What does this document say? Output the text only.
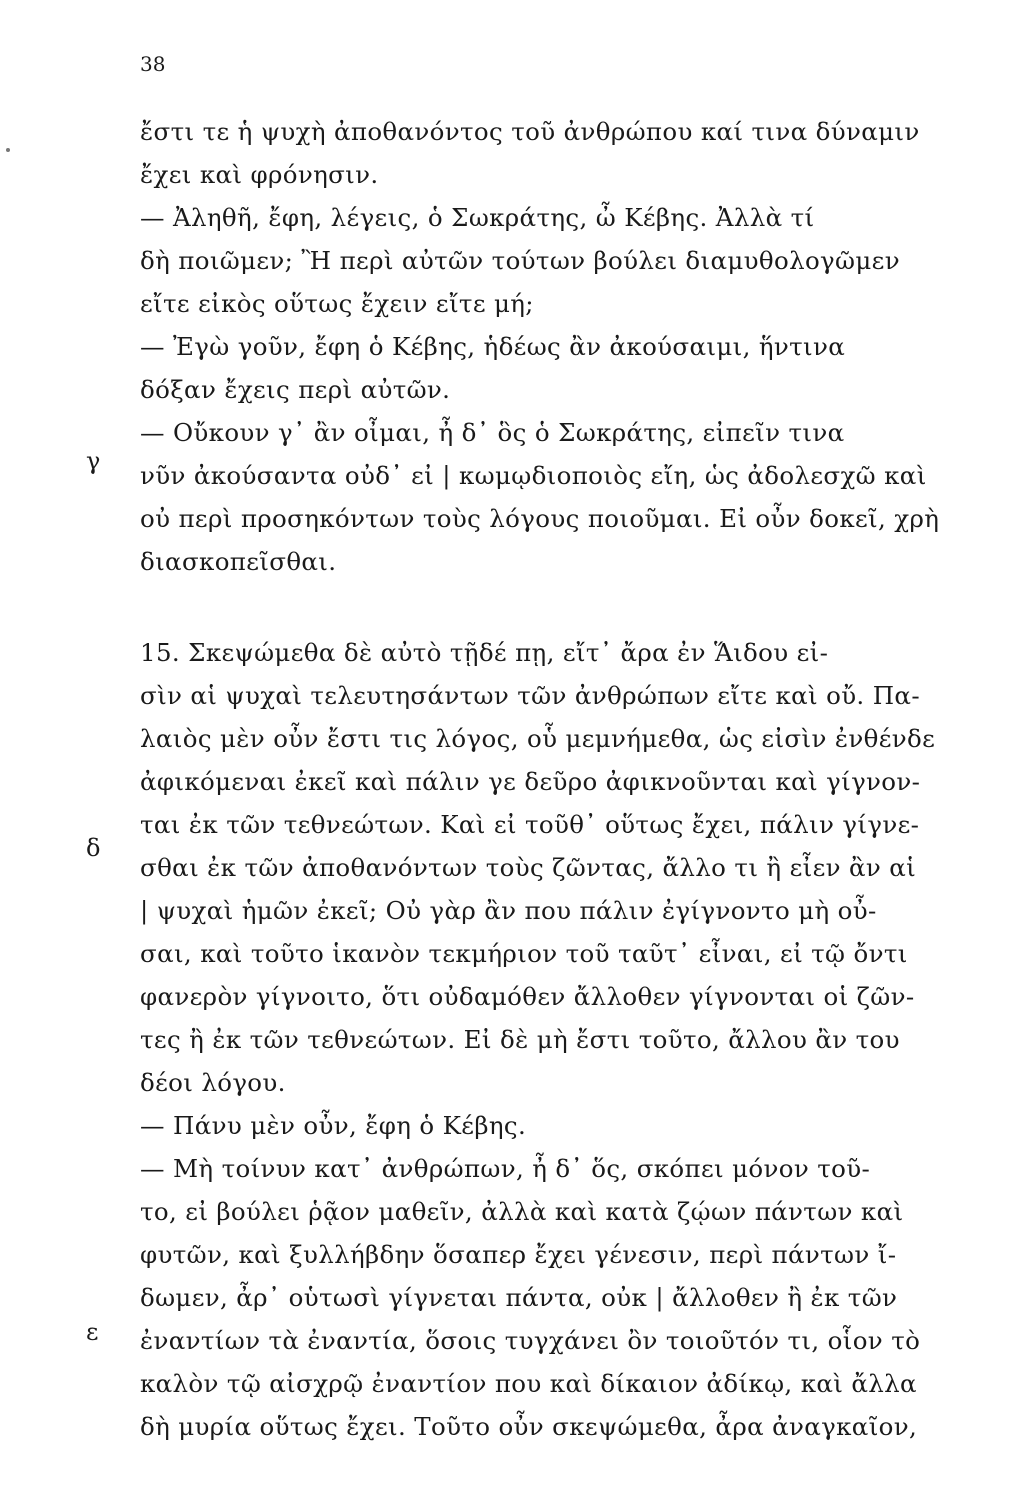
38
γ
δ
ε
ἔστι τε ἡ ψυχὴ ἀποθανόντος τοῦ ἀνθρώπου καί τινα δύναμιν
ἔχει καὶ φρόνησιν.
— Ἀληθῆ, ἔφη, λέγεις, ὁ Σωκράτης, ὦ Κέβης. Ἀλλὰ τί
δὴ ποιῶμεν; Ἢ περὶ αὐτῶν τούτων βούλει διαμυθολογῶμεν
εἴτε εἰκὸς οὕτως ἔχειν εἴτε μή;
— Ἐγὼ γοῦν, ἔφη ὁ Κέβης, ἡδέως ἂν ἀκούσαιμι, ἥντινα
δόξαν ἔχεις περὶ αὐτῶν.
— Οὔκουν γ᾽ ἂν οἶμαι, ἦ δ᾽ ὃς ὁ Σωκράτης, εἰπεῖν τινα
νῦν ἀκούσαντα οὐδ᾽ εἰ | κωμῳδιοποιὸς εἴη, ὡς ἀδολεσχῶ καὶ
οὐ περὶ προσηκόντων τοὺς λόγους ποιοῦμαι. Εἰ οὖν δοκεῖ, χρὴ
διασκοπεῖσθαι.
15. Σκεψώμεθα δὲ αὐτὸ τῇδέ πῃ, εἴτ᾽ ἄρα ἐν Ἅιδου εἰ-
σὶν αἱ ψυχαὶ τελευτησάντων τῶν ἀνθρώπων εἴτε καὶ οὔ. Πα-
λαιὸς μὲν οὖν ἔστι τις λόγος, οὗ μεμνήμεθα, ὡς εἰσὶν ἐνθένδε
ἀφικόμεναι ἐκεῖ καὶ πάλιν γε δεῦρο ἀφικνοῦνται καὶ γίγνον-
ται ἐκ τῶν τεθνεώτων. Καὶ εἰ τοῦθ᾽ οὕτως ἔχει, πάλιν γίγνε-
σθαι ἐκ τῶν ἀποθανόντων τοὺς ζῶντας, ἄλλο τι ἢ εἶεν ἂν αἱ
| ψυχαὶ ἡμῶν ἐκεῖ; Οὐ γὰρ ἂν που πάλιν ἐγίγνοντο μὴ οὖ-
σαι, καὶ τοῦτο ἱκανὸν τεκμήριον τοῦ ταῦτ᾽ εἶναι, εἰ τῷ ὄντι
φανερὸν γίγνοιτο, ὅτι οὐδαμόθεν ἄλλοθεν γίγνονται οἱ ζῶν-
τες ἢ ἐκ τῶν τεθνεώτων. Εἰ δὲ μὴ ἔστι τοῦτο, ἄλλου ἂν του
δέοι λόγου.
— Πάνυ μὲν οὖν, ἔφη ὁ Κέβης.
— Μὴ τοίνυν κατ᾽ ἀνθρώπων, ἦ δ᾽ ὅς, σκόπει μόνον τοῦ-
το, εἰ βούλει ῥᾷον μαθεῖν, ἀλλὰ καὶ κατὰ ζῴων πάντων καὶ
φυτῶν, καὶ ξυλλήβδην ὅσαπερ ἔχει γένεσιν, περὶ πάντων ἴ-
δωμεν, ἆρ᾽ οὑτωσὶ γίγνεται πάντα, οὐκ | ἄλλοθεν ἢ ἐκ τῶν
ἐναντίων τὰ ἐναντία, ὅσοις τυγχάνει ὂν τοιοῦτόν τι, οἷον τὸ
καλὸν τῷ αἰσχρῷ ἐναντίον που καὶ δίκαιον ἀδίκῳ, καὶ ἄλλα
δὴ μυρία οὕτως ἔχει. Τοῦτο οὖν σκεψώμεθα, ἆρα ἀναγκαῖον,
